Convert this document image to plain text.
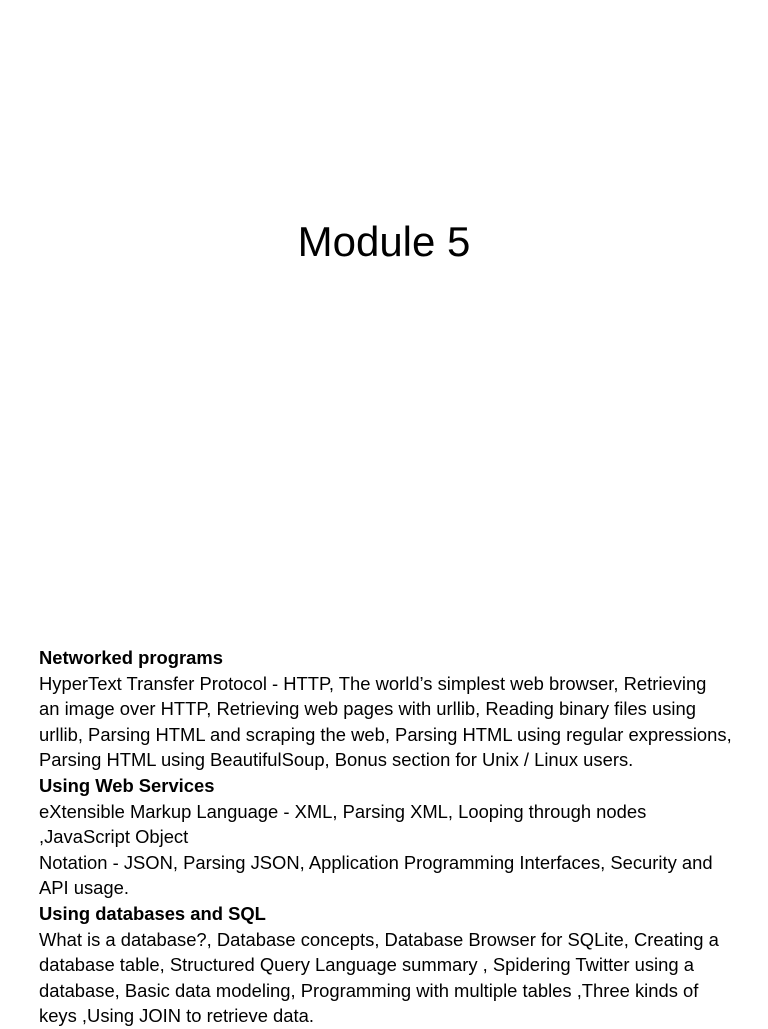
Module 5

Networked programs

HyperText Transfer Protocol - HTTP, The world’s simplest web browser, Retrieving

an image over HTTP, Retrieving web pages with urllib, Reading binary files using

urllib, Parsing HTML and scraping the web, Parsing HTML using regular expressions,

Parsing HTML using BeautifulSoup, Bonus section for Unix / Linux users.

Using Web Services

eXtensible Markup Language - XML, Parsing XML, Looping through nodes

,JavaScript Object

Notation - JSON, Parsing JSON, Application Programming Interfaces, Security and

API usage.

Using databases and SQL

What is a database?, Database concepts, Database Browser for SQLite, Creating a

database table, Structured Query Language summary , Spidering Twitter using a

database, Basic data modeling, Programming with multiple tables ,Three kinds of

keys ,Using JOIN to retrieve data.
